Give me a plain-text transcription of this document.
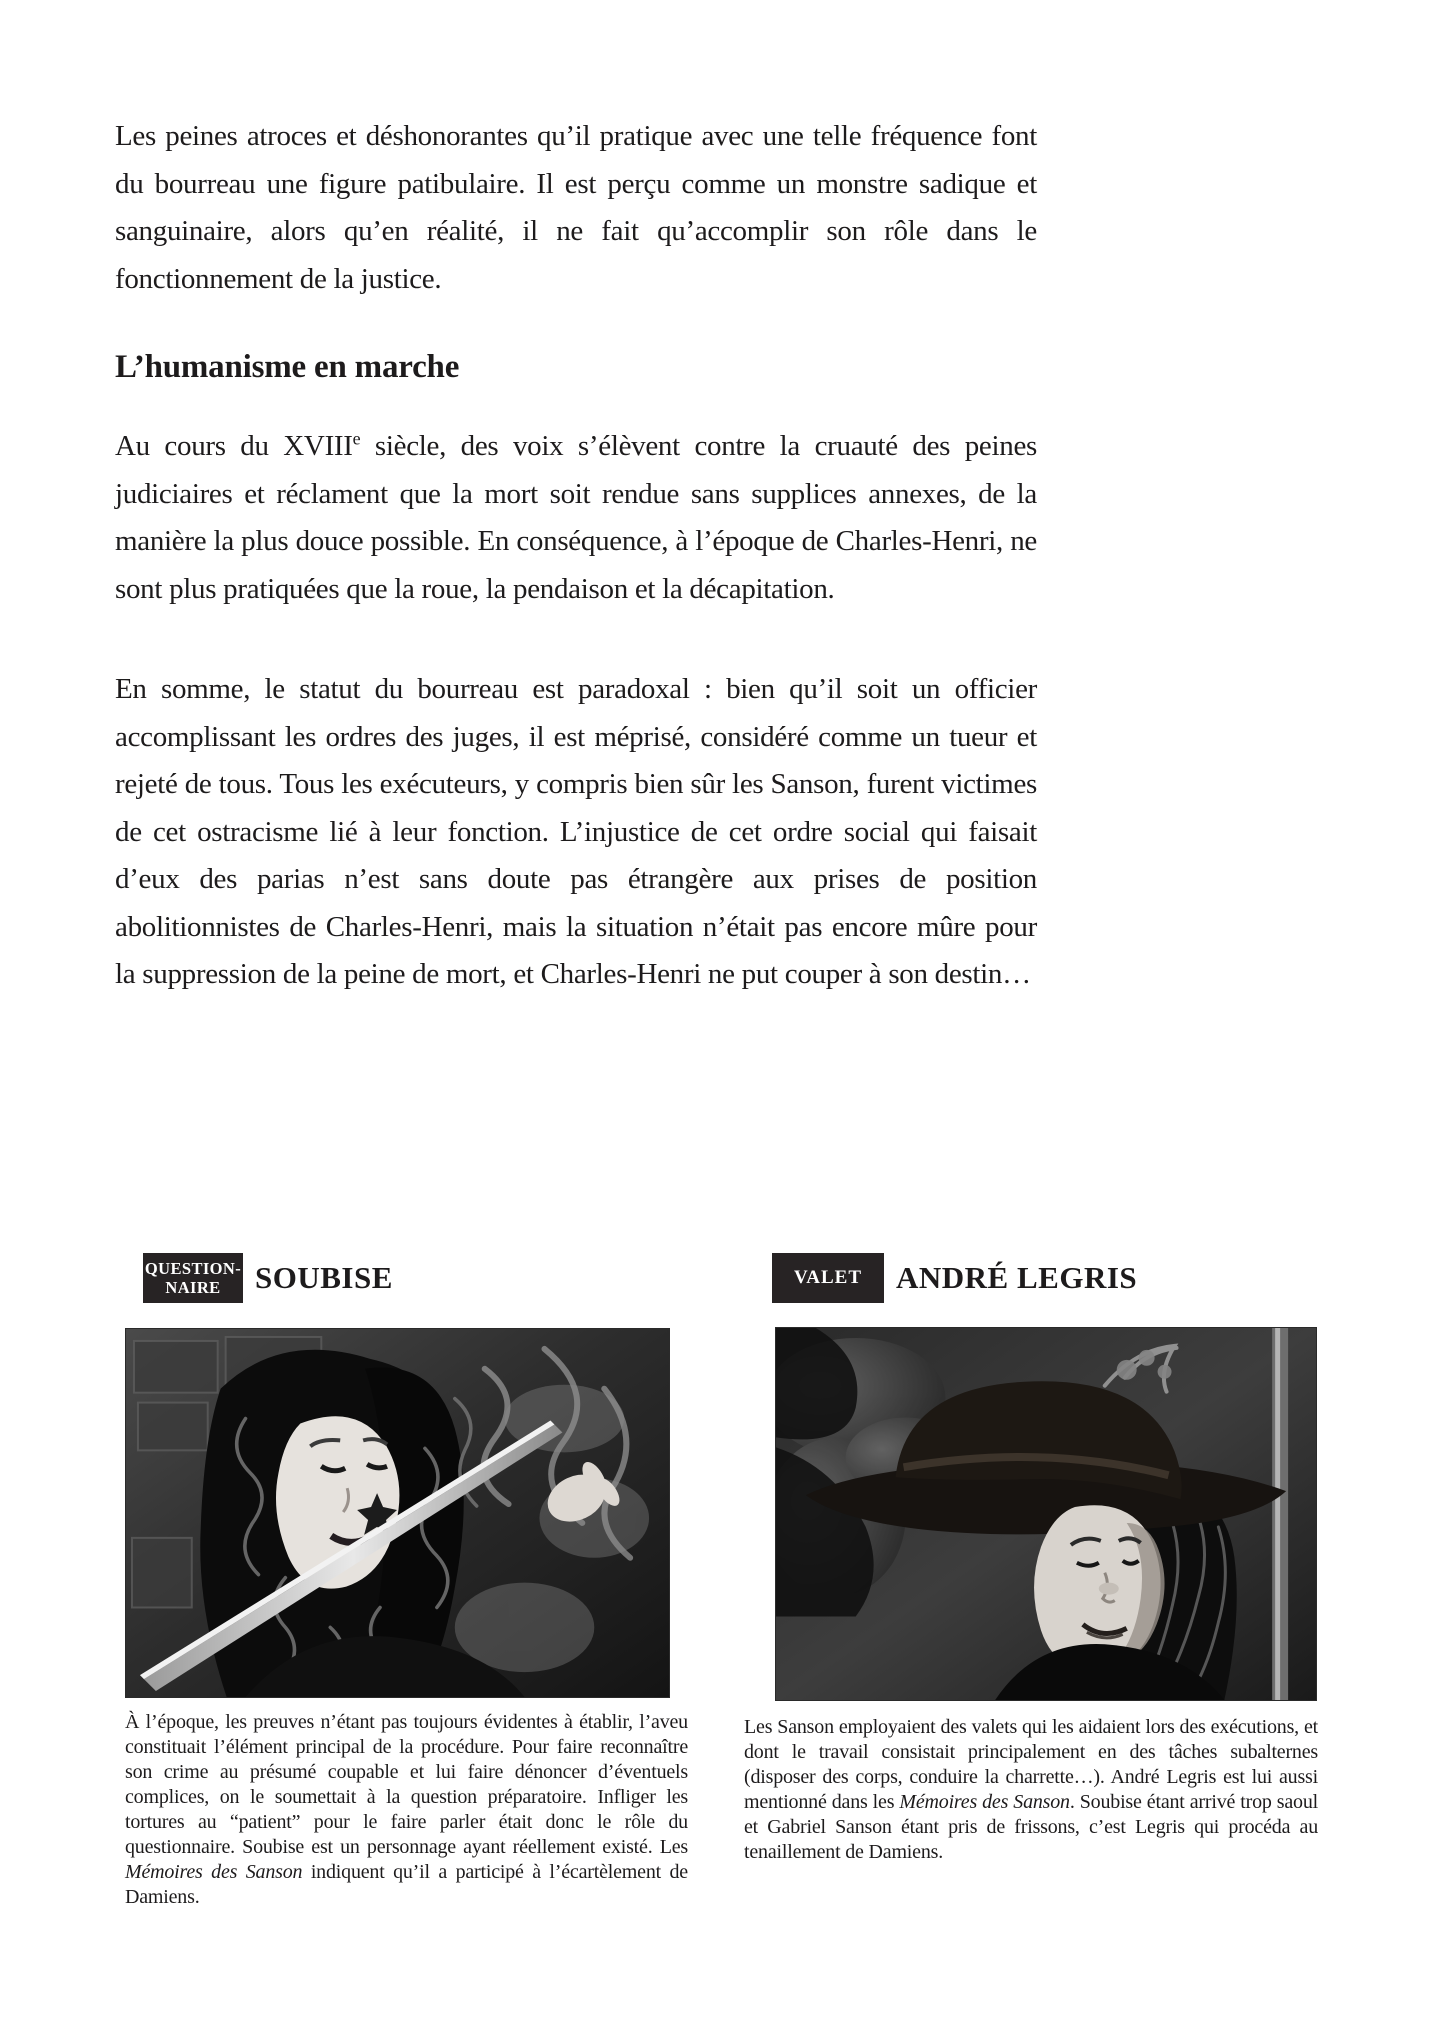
Les peines atroces et déshonorantes qu’il pratique avec une telle fréquence font du bourreau une figure patibulaire. Il est perçu comme un monstre sadique et sanguinaire, alors qu’en réalité, il ne fait qu’accomplir son rôle dans le fonctionnement de la justice.

L’humanisme en marche

Au cours du XVIIIe siècle, des voix s’élèvent contre la cruauté des peines judiciaires et réclament que la mort soit rendue sans supplices annexes, de la manière la plus douce possible. En conséquence, à l’époque de Charles-Henri, ne sont plus pratiquées que la roue, la pendaison et la décapitation.

En somme, le statut du bourreau est paradoxal : bien qu’il soit un officier accomplissant les ordres des juges, il est méprisé, considéré comme un tueur et rejeté de tous. Tous les exécuteurs, y compris bien sûr les Sanson, furent victimes de cet ostracisme lié à leur fonction. L’injustice de cet ordre social qui faisait d’eux des parias n’est sans doute pas étrangère aux prises de position abolitionnistes de Charles-Henri, mais la situation n’était pas encore mûre pour la suppression de la peine de mort, et Charles-Henri ne put couper à son destin…

QUESTION-
NAIRE SOUBISE	VALET ANDRÉ LEGRIS

À l’époque, les preuves n’étant pas toujours évidentes à établir, l’aveu constituait l’élément principal de la procédure. Pour faire reconnaître son crime au présumé coupable et lui faire dénoncer d’éventuels complices, on le soumettait à la question préparatoire. Infliger les tortures au “patient” pour le faire parler était donc le rôle du questionnaire. Soubise est un personnage ayant réellement existé. Les Mémoires des Sanson indiquent qu’il a participé à l’écartèlement de Damiens.

Les Sanson employaient des valets qui les aidaient lors des exécutions, et dont le travail consistait principalement en des tâches subalternes (disposer des corps, conduire la charrette…). André Legris est lui aussi mentionné dans les Mémoires des Sanson. Soubise étant arrivé trop saoul et Gabriel Sanson étant pris de frissons, c’est Legris qui procéda au tenaillement de Damiens.
